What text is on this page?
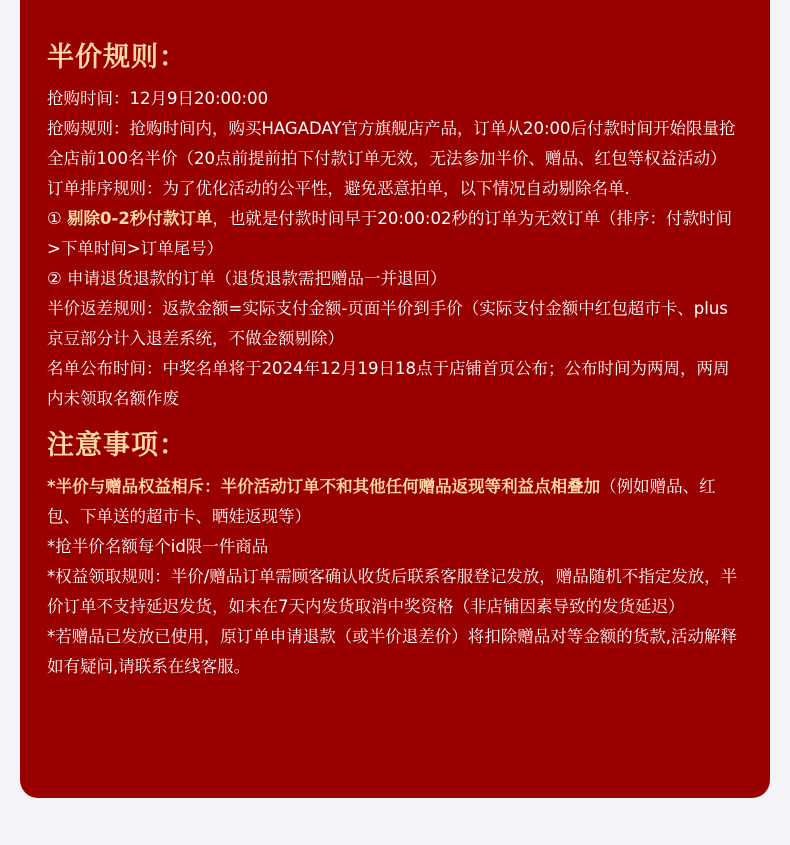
半价规则：

抢购时间：12月9日20:00:00

抢购规则：抢购时间内，购买HAGADAY官方旗舰店产品，订单从20:00后付款时间开始限量抢全店前100名半价（20点前提前拍下付款订单无效，无法参加半价、赠品、红包等权益活动）

订单排序规则：为了优化活动的公平性，避免恶意拍单，以下情况自动剔除名单.

① 剔除0-2秒付款订单，也就是付款时间早于20:00:02秒的订单为无效订单（排序：付款时间>下单时间>订单尾号）

② 申请退货退款的订单（退货退款需把赠品一并退回）

半价返差规则：返款金额=实际支付金额-页面半价到手价（实际支付金额中红包超市卡、plus京豆部分计入退差系统，不做金额剔除）

名单公布时间：中奖名单将于2024年12月19日18点于店铺首页公布；公布时间为两周，两周内未领取名额作废

注意事项：

*半价与赠品权益相斥：半价活动订单不和其他任何赠品返现等利益点相叠加（例如赠品、红包、下单送的超市卡、晒娃返现等）

*抢半价名额每个id限一件商品

*权益领取规则：半价/赠品订单需顾客确认收货后联系客服登记发放，赠品随机不指定发放，半价订单不支持延迟发货，如未在7天内发货取消中奖资格（非店铺因素导致的发货延迟）

*若赠品已发放已使用，原订单申请退款（或半价退差价）将扣除赠品对等金额的货款,活动解释如有疑问,请联系在线客服。
